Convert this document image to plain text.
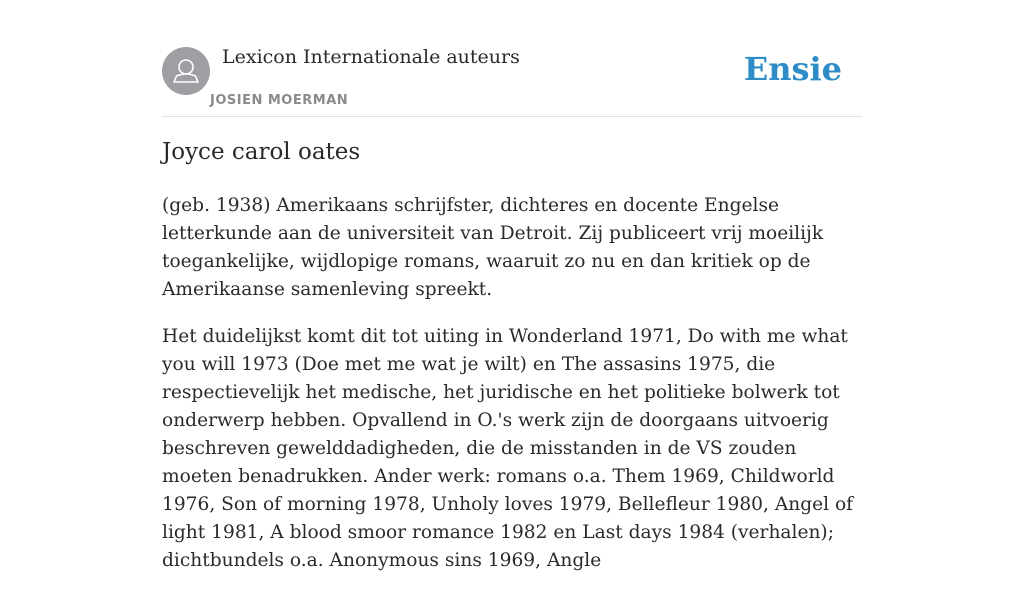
Lexicon Internationale auteurs
JOSIEN MOERMAN
Ensie
Joyce carol oates

(geb. 1938) Amerikaans schrijfster, dichteres en docente Engelse letterkunde aan de universiteit van Detroit. Zij publiceert vrij moeilijk toegankelijke, wijdlopige romans, waaruit zo nu en dan kritiek op de Amerikaanse samenleving spreekt.

Het duidelijkst komt dit tot uiting in Wonderland 1971, Do with me what you will 1973 (Doe met me wat je wilt) en The assasins 1975, die respectievelijk het medische, het juridische en het politieke bolwerk tot onderwerp hebben. Opvallend in O.'s werk zijn de doorgaans uitvoerig beschreven gewelddadigheden, die de misstanden in de VS zouden moeten benadrukken. Ander werk: romans o.a. Them 1969, Childworld 1976, Son of morning 1978, Unholy loves 1979, Bellefleur 1980, Angel of light 1981, A blood smoor romance 1982 en Last days 1984 (verhalen); dichtbundels o.a. Anonymous sins 1969, Angle
